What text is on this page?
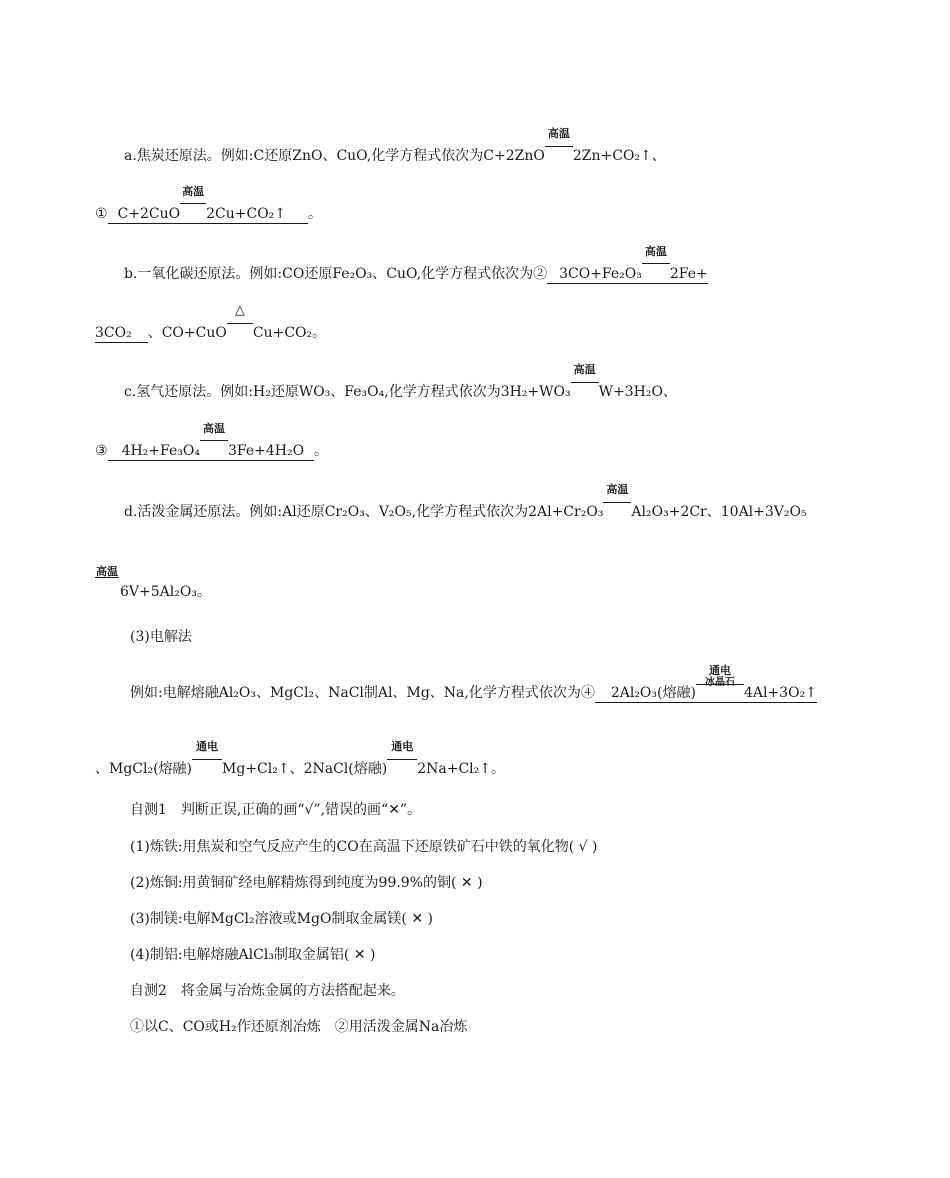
a.焦炭还原法。例如:C还原ZnO、CuO,化学方程式依次为C+2ZnO
高温
2Zn+CO₂↑、
① C+2CuO
高温
2Cu+CO₂↑ 。
b.一氧化碳还原法。例如:CO还原Fe₂O₃、CuO,化学方程式依次为② 3CO+Fe₂O₃
高温
2Fe+
3CO₂ 、CO+CuO
△
Cu+CO₂。
c.氢气还原法。例如:H₂还原WO₃、Fe₃O₄,化学方程式依次为3H₂+WO₃
高温
W+3H₂O、
③ 4H₂+Fe₃O₄
高温
3Fe+4H₂O 。
d.活泼金属还原法。例如:Al还原Cr₂O₃、V₂O₅,化学方程式依次为2Al+Cr₂O₃
高温
Al₂O₃+2Cr、10Al+3V₂O₅
高温
6V+5Al₂O₃。
(3)电解法
例如:电解熔融Al₂O₃、MgCl₂、NaCl制Al、Mg、Na,化学方程式依次为④ 2Al₂O₃(熔融)
通电
冰晶石
4Al+3O₂↑
、MgCl₂(熔融)
通电
Mg+Cl₂↑、2NaCl(熔融)
通电
2Na+Cl₂↑。
自测1　判断正误,正确的画“√”,错误的画“✕”。
(1)炼铁:用焦炭和空气反应产生的CO在高温下还原铁矿石中铁的氧化物( √ )
(2)炼铜:用黄铜矿经电解精炼得到纯度为99.9%的铜( ✕ )
(3)制镁:电解MgCl₂溶液或MgO制取金属镁( ✕ )
(4)制铝:电解熔融AlCl₃制取金属铝( ✕ )
自测2　将金属与冶炼金属的方法搭配起来。
①以C、CO或H₂作还原剂冶炼　②用活泼金属Na冶炼
